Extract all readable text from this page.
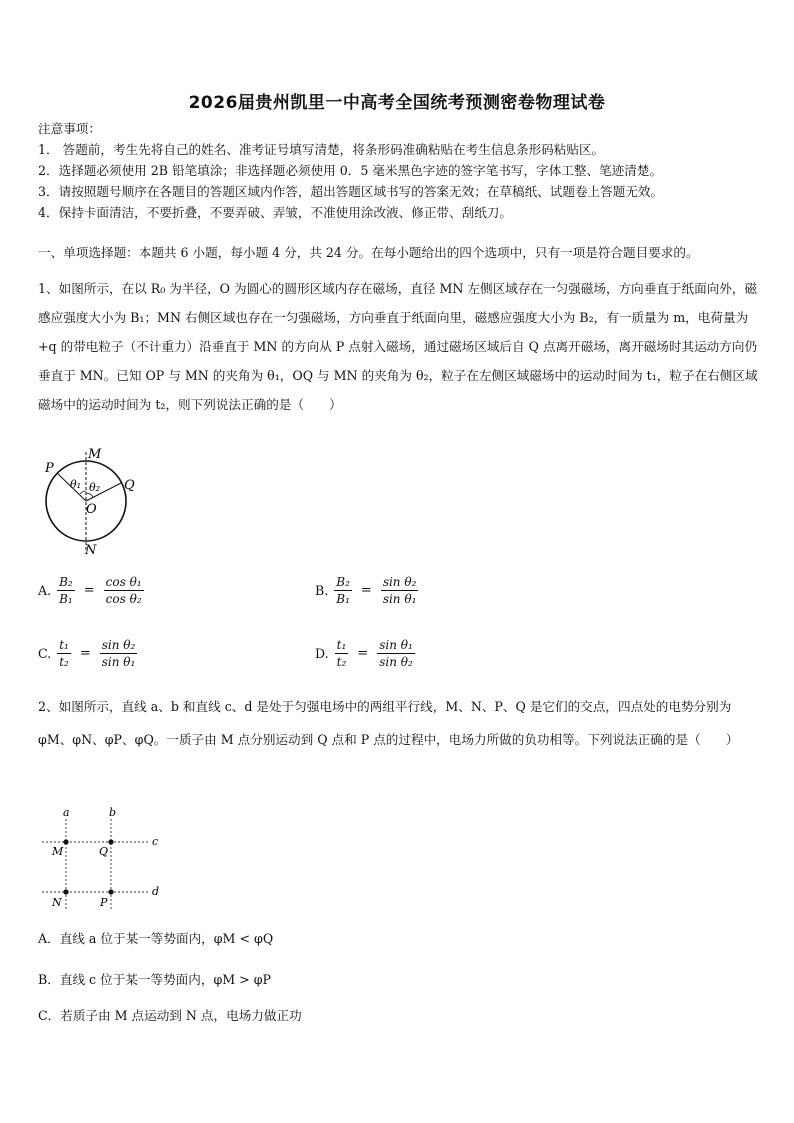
2026届贵州凯里一中高考全国统考预测密卷物理试卷
注意事项：
1． 答题前，考生先将自己的姓名、准考证号填写清楚，将条形码准确粘贴在考生信息条形码粘贴区。
2．选择题必须使用 2B 铅笔填涂；非选择题必须使用 0．5 毫米黑色字迹的签字笔书写，字体工整、笔迹清楚。
3．请按照题号顺序在各题目的答题区域内作答，超出答题区域书写的答案无效；在草稿纸、试题卷上答题无效。
4．保持卡面清洁，不要折叠，不要弄破、弄皱，不准使用涂改液、修正带、刮纸刀。
一、单项选择题：本题共 6 小题，每小题 4 分，共 24 分。在每小题给出的四个选项中，只有一项是符合题目要求的。
1、如图所示，在以 R₀ 为半径，O 为圆心的圆形区域内存在磁场，直径 MN 左侧区域存在一匀强磁场，方向垂直于纸面向外，磁感应强度大小为 B₁；MN 右侧区域也存在一匀强磁场，方向垂直于纸面向里，磁感应强度大小为 B₂，有一质量为 m，电荷量为+q 的带电粒子（不计重力）沿垂直于 MN 的方向从 P 点射入磁场，通过磁场区域后自 Q 点离开磁场，离开磁场时其运动方向仍垂直于 MN。已知 OP 与 MN 的夹角为 θ₁，OQ 与 MN 的夹角为 θ₂，粒子在左侧区域磁场中的运动时间为 t₁，粒子在右侧区域磁场中的运动时间为 t₂，则下列说法正确的是（　　）
P
M
Q
O
N
θ₁ θ₂
A. $\frac{\text{B₂}}{\text{B₁}} = \frac{\text{cos θ₁}}{\text{cos θ₂}}$	B. $\frac{\text{B₂}}{\text{B₁}} = \frac{\text{sin θ₂}}{\text{sin θ₁}}$
C. $\frac{\text{t₁}}{\text{t₂}} = \frac{\text{sin θ₂}}{\text{sin θ₁}}$	D. $\frac{\text{t₁}}{\text{t₂}} = \frac{\text{sin θ₁}}{\text{sin θ₂}}$
2、如图所示，直线 a、b 和直线 c、d 是处于匀强电场中的两组平行线，M、N、P、Q 是它们的交点，四点处的电势分别为 φM、φN、φP、φQ。一质子由 M 点分别运动到 Q 点和 P 点的过程中，电场力所做的负功相等。下列说法正确的是（　　）
a	b
c
d
M	Q
N	P
A．直线 a 位于某一等势面内，φM < φQ
B．直线 c 位于某一等势面内，φM > φP
C．若质子由 M 点运动到 N 点，电场力做正功
